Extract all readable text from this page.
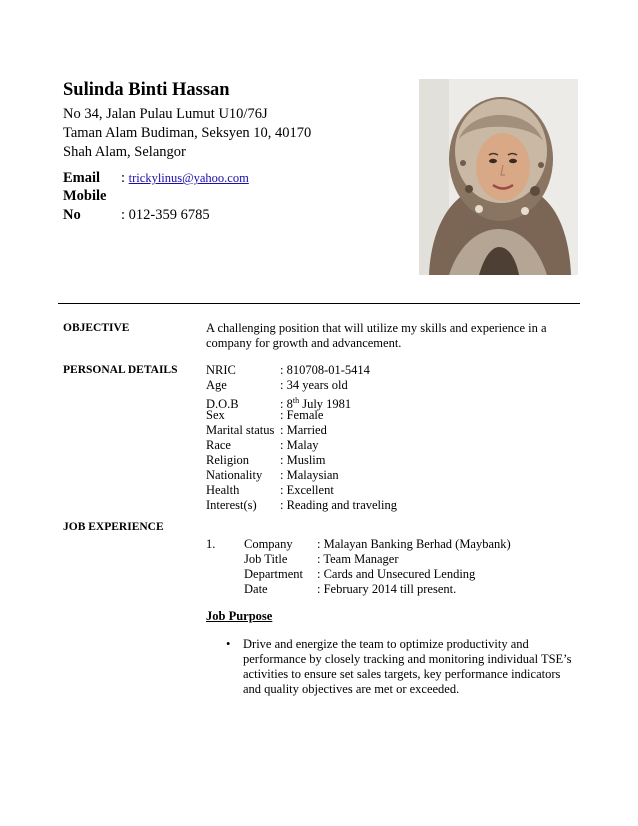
Sulinda Binti Hassan
No 34, Jalan Pulau Lumut U10/76J
Taman Alam Budiman, Seksyen 10, 40170
Shah Alam, Selangor
Email : trickylinus@yahoo.com
Mobile No	: 012-359 6785
OBJECTIVE	A challenging position that will utilize my skills and experience in a
company for growth and advancement.
PERSONAL DETAILS NRIC	: 810708-01-5414
Age	: 34 years old
D.O.B	: 8th July 1981
Sex	: Female
Marital status : Married
Race	: Malay
Religion : Muslim
Nationality : Malaysian
Health	: Excellent
Interest(s) : Reading and traveling
JOB EXPERIENCE
1. Company : Malayan Banking Berhad (Maybank)
Job Title : Team Manager
Department : Cards and Unsecured Lending
Date	: February 2014 till present.
Job Purpose
• Drive and energize the team to optimize productivity and
performance by closely tracking and monitoring individual TSE’s
activities to ensure set sales targets, key performance indicators
and quality objectives are met or exceeded.
